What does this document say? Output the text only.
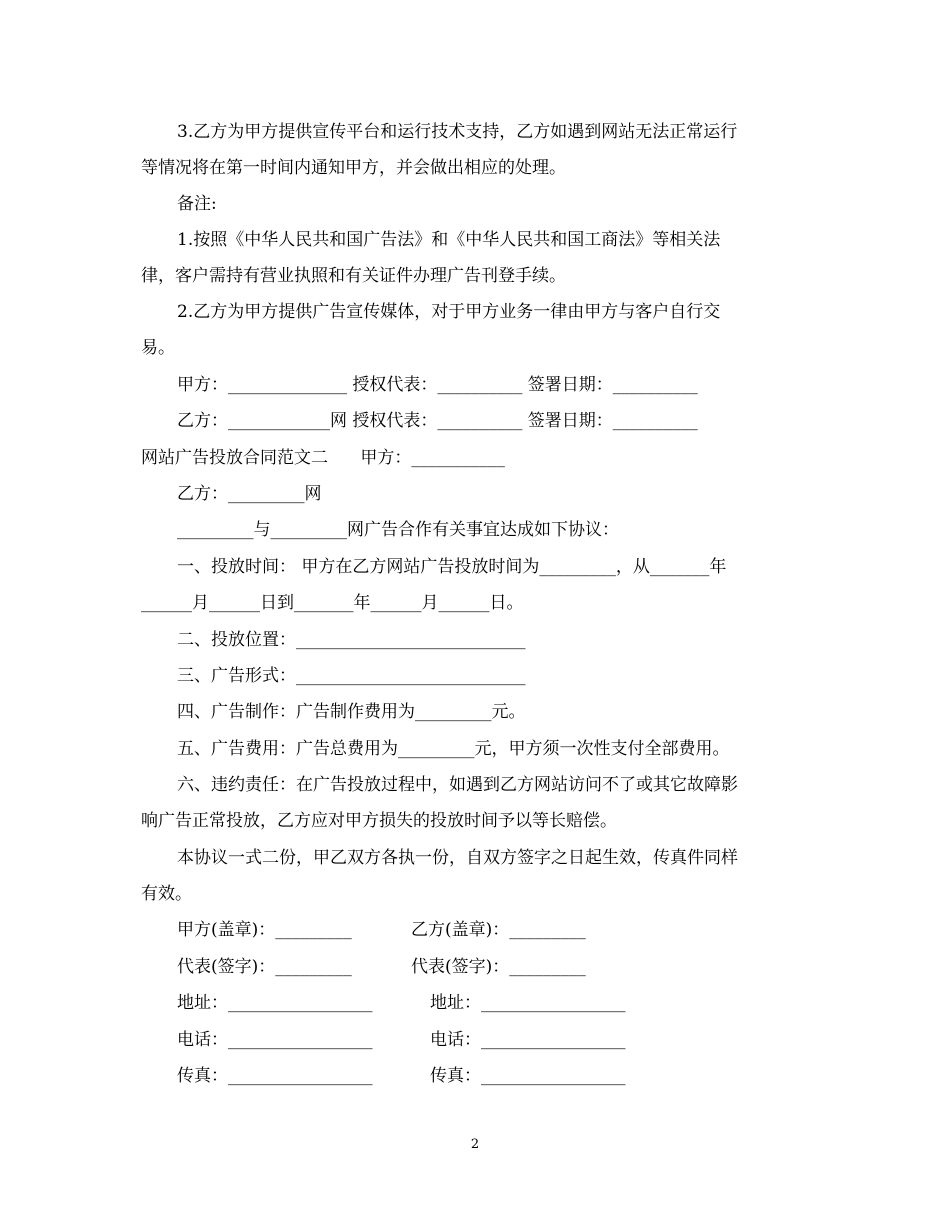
3.乙方为甲方提供宣传平台和运行技术支持，乙方如遇到网站无法正常运行
等情况将在第一时间内通知甲方，并会做出相应的处理。
备注:
1.按照《中华人民共和国广告法》和《中华人民共和国工商法》等相关法
律，客户需持有营业执照和有关证件办理广告刊登手续。
2.乙方为甲方提供广告宣传媒体，对于甲方业务一律由甲方与客户自行交
易。
甲方：______________ 授权代表：__________ 签署日期：__________
乙方：____________网 授权代表：__________ 签署日期：__________
网站广告投放合同范文二      甲方：___________
乙方：_________网
_________与_________网广告合作有关事宜达成如下协议：
一、投放时间： 甲方在乙方网站广告投放时间为_________，从_______年
______月______日到_______年______月______日。
二、投放位置：___________________________
三、广告形式：___________________________
四、广告制作：广告制作费用为_________元。
五、广告费用：广告总费用为_________元，甲方须一次性支付全部费用。
六、违约责任：在广告投放过程中，如遇到乙方网站访问不了或其它故障影
响广告正常投放，乙方应对甲方损失的投放时间予以等长赔偿。
本协议一式二份，甲乙双方各执一份，自双方签字之日起生效，传真件同样
有效。
甲方(盖章)：_________	乙方(盖章)：_________
代表(签字)：_________	代表(签字)：_________
地址：_________________	地址：_________________
电话：_________________	电话：_________________
传真：_________________	传真：_________________
2
